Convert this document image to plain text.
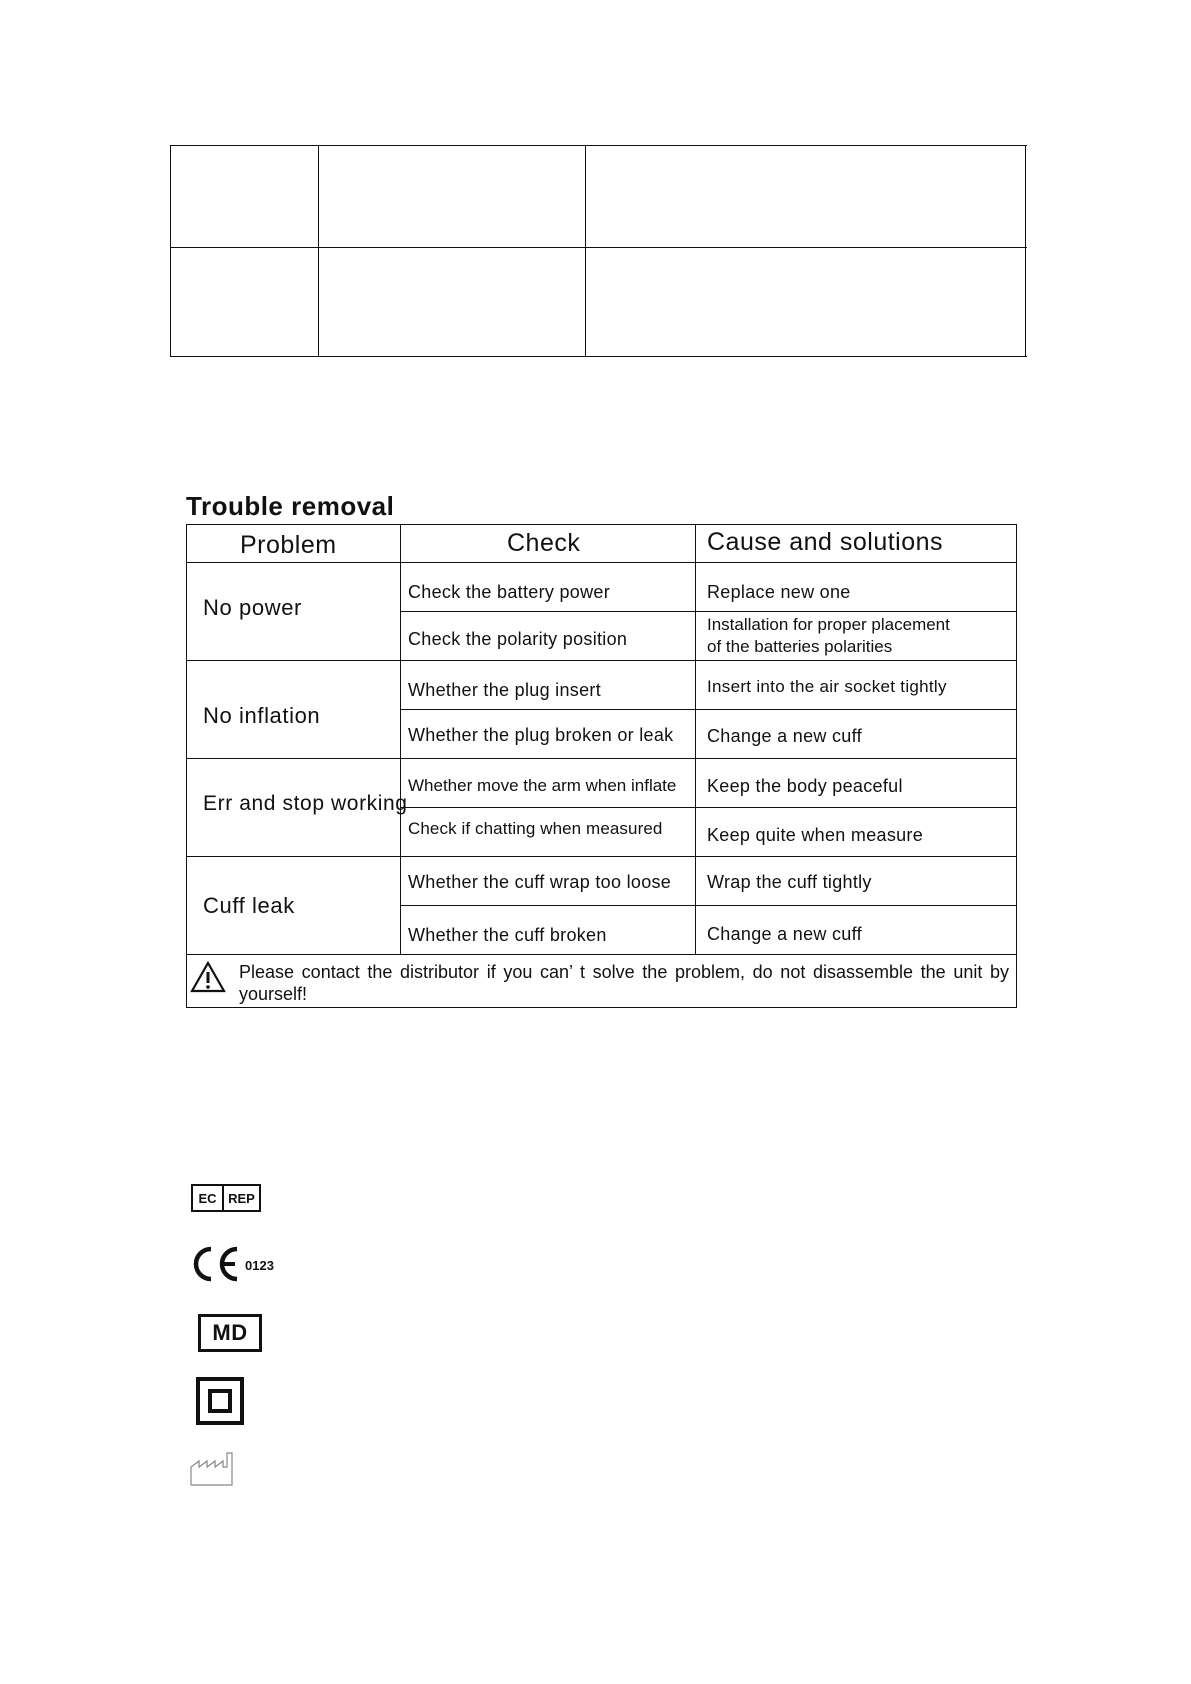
Trouble removal
Problem	Check	Cause and solutions
No power
No inflation
Err and stop working
Cuff leak
Check the battery power
Check the polarity position
Whether the plug insert
Whether the plug broken or leak
Whether move the arm when inflate
Check if chatting when measured
Whether the cuff wrap too loose
Whether the cuff broken
Replace new one
Installation for proper placement
of the batteries polarities
Insert into the air socket tightly
Change a new cuff
Keep the body peaceful
Keep quite when measure
Wrap the cuff tightly
Change a new cuff
Please contact the distributor if you can’ t solve the problem, do not disassemble the unit by yourself!
EC REP
0123
MD
